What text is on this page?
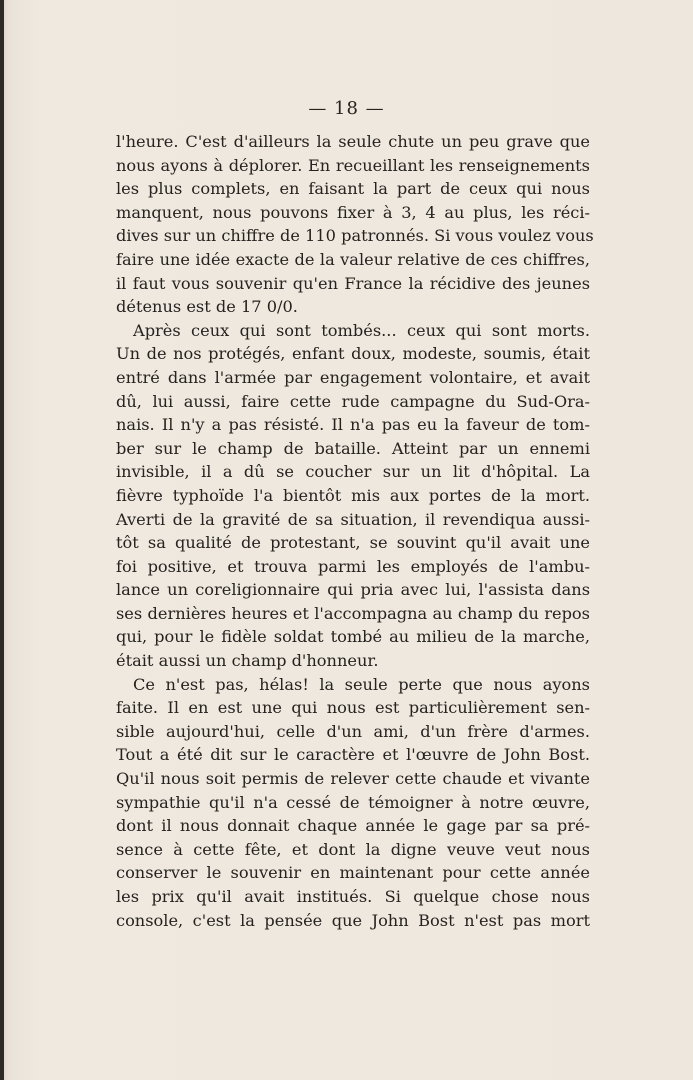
— 18 —
l'heure. C'est d'ailleurs la seule chute un peu grave que
nous ayons à déplorer. En recueillant les renseignements
les plus complets, en faisant la part de ceux qui nous
manquent, nous pouvons fixer à 3, 4 au plus, les réci-
dives sur un chiffre de 110 patronnés. Si vous voulez vous
faire une idée exacte de la valeur relative de ces chiffres,
il faut vous souvenir qu'en France la récidive des jeunes
détenus est de 17 0/0.
Après ceux qui sont tombés... ceux qui sont morts.
Un de nos protégés, enfant doux, modeste, soumis, était
entré dans l'armée par engagement volontaire, et avait
dû, lui aussi, faire cette rude campagne du Sud-Ora-
nais. Il n'y a pas résisté. Il n'a pas eu la faveur de tom-
ber sur le champ de bataille. Atteint par un ennemi
invisible, il a dû se coucher sur un lit d'hôpital. La
fièvre typhoïde l'a bientôt mis aux portes de la mort.
Averti de la gravité de sa situation, il revendiqua aussi-
tôt sa qualité de protestant, se souvint qu'il avait une
foi positive, et trouva parmi les employés de l'ambu-
lance un coreligionnaire qui pria avec lui, l'assista dans
ses dernières heures et l'accompagna au champ du repos
qui, pour le fidèle soldat tombé au milieu de la marche,
était aussi un champ d'honneur.
Ce n'est pas, hélas! la seule perte que nous ayons
faite. Il en est une qui nous est particulièrement sen-
sible aujourd'hui, celle d'un ami, d'un frère d'armes.
Tout a été dit sur le caractère et l'œuvre de John Bost.
Qu'il nous soit permis de relever cette chaude et vivante
sympathie qu'il n'a cessé de témoigner à notre œuvre,
dont il nous donnait chaque année le gage par sa pré-
sence à cette fête, et dont la digne veuve veut nous
conserver le souvenir en maintenant pour cette année
les prix qu'il avait institués. Si quelque chose nous
console, c'est la pensée que John Bost n'est pas mort
